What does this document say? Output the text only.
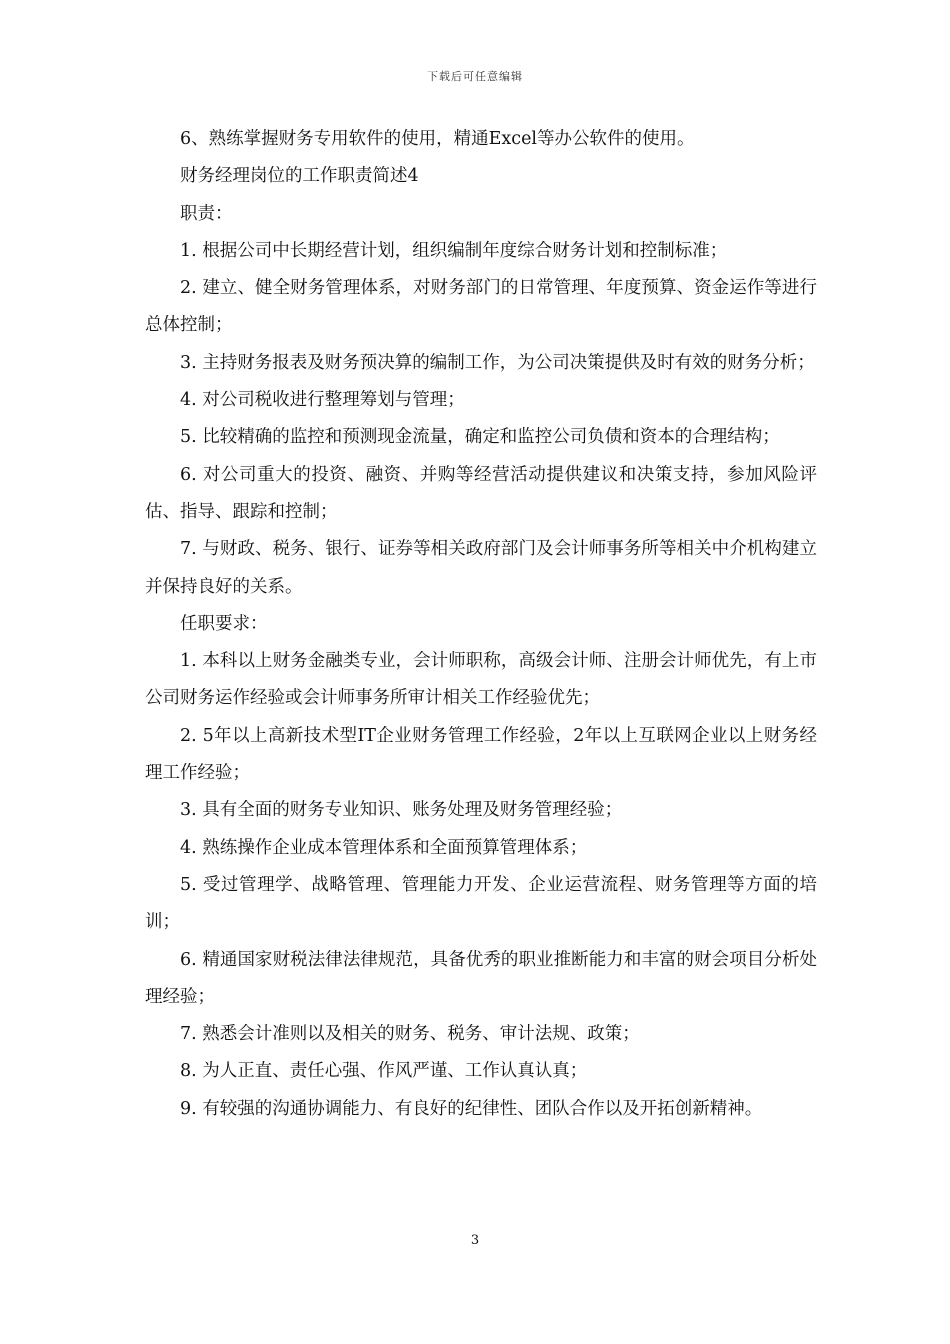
下载后可任意编辑

6、熟练掌握财务专用软件的使用，精通Excel等办公软件的使用。

财务经理岗位的工作职责简述4

职责：

1. 根据公司中长期经营计划，组织编制年度综合财务计划和控制标准；

2. 建立、健全财务管理体系，对财务部门的日常管理、年度预算、资金运作等进行总体控制；

3. 主持财务报表及财务预决算的编制工作，为公司决策提供及时有效的财务分析；

4. 对公司税收进行整理筹划与管理；

5. 比较精确的监控和预测现金流量，确定和监控公司负债和资本的合理结构；

6. 对公司重大的投资、融资、并购等经营活动提供建议和决策支持，参加风险评估、指导、跟踪和控制；

7. 与财政、税务、银行、证券等相关政府部门及会计师事务所等相关中介机构建立并保持良好的关系。

任职要求：

1. 本科以上财务金融类专业，会计师职称，高级会计师、注册会计师优先，有上市公司财务运作经验或会计师事务所审计相关工作经验优先；

2. 5年以上高新技术型IT企业财务管理工作经验，2年以上互联网企业以上财务经理工作经验；

3. 具有全面的财务专业知识、账务处理及财务管理经验；

4. 熟练操作企业成本管理体系和全面预算管理体系；

5. 受过管理学、战略管理、管理能力开发、企业运营流程、财务管理等方面的培训；

6. 精通国家财税法律法律规范，具备优秀的职业推断能力和丰富的财会项目分析处理经验；

7. 熟悉会计准则以及相关的财务、税务、审计法规、政策；

8. 为人正直、责任心强、作风严谨、工作认真认真；

9. 有较强的沟通协调能力、有良好的纪律性、团队合作以及开拓创新精神。

3
